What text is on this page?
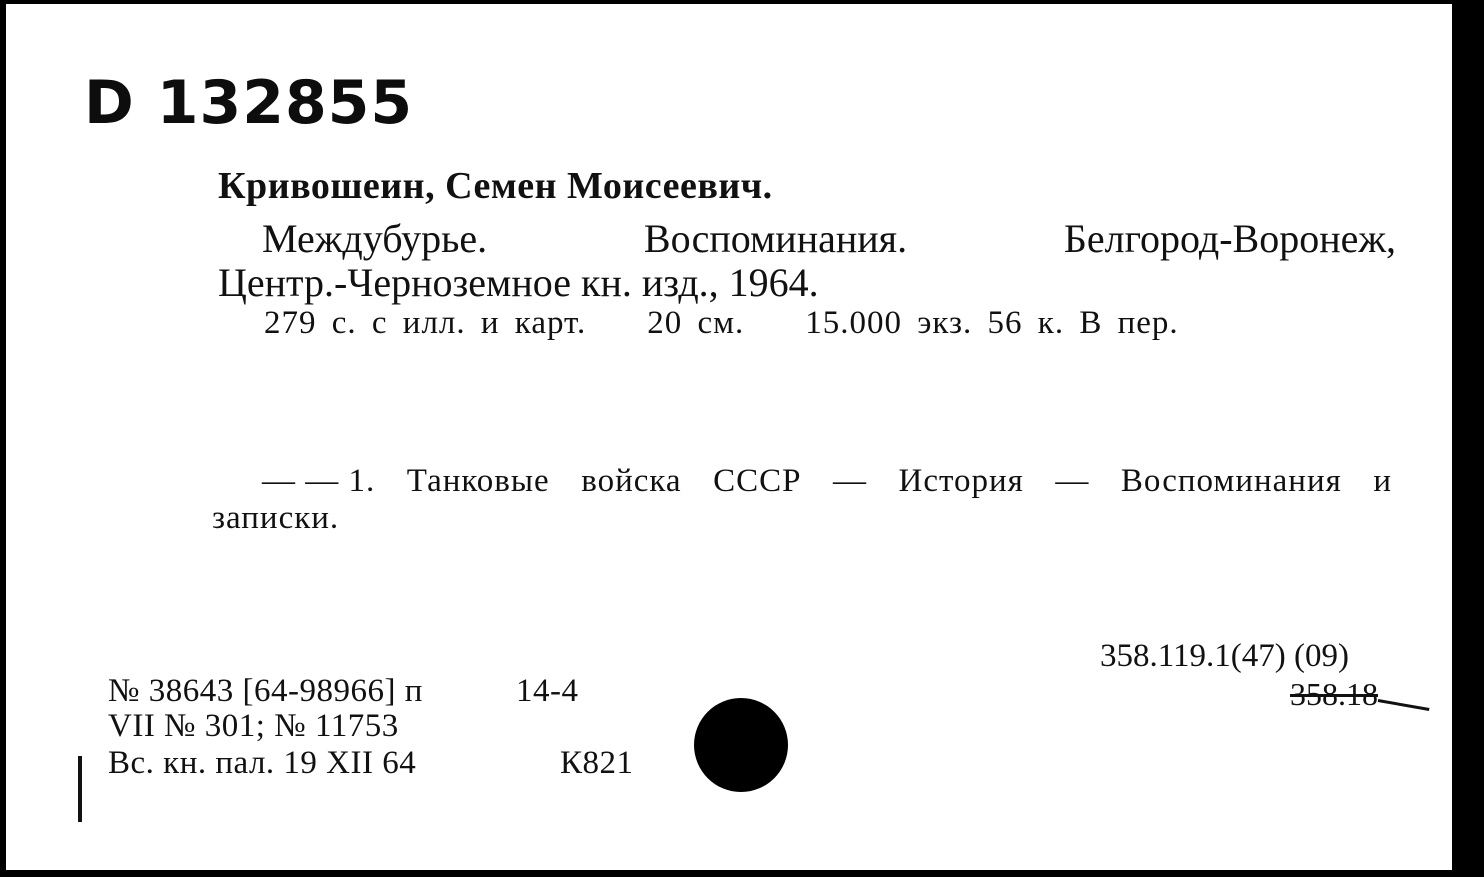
D 132855
Кривошеин, Семен Моисеевич.
Междубурье.	Воспоминания.	Белгород-Воронеж,
Центр.-Черноземное кн. изд., 1964.
279 с. с илл. и карт.    20 см.    15.000 экз. 56 к. В пер.
— — 1. Танковые войска СССР — История — Воспоминания и
записки.
358.119.1(47) (09)
358.18
№ 38643 [64-98966] п	14-4
VII № 301; № 11753
Вс. кн. пал. 19 XII 64	К821
